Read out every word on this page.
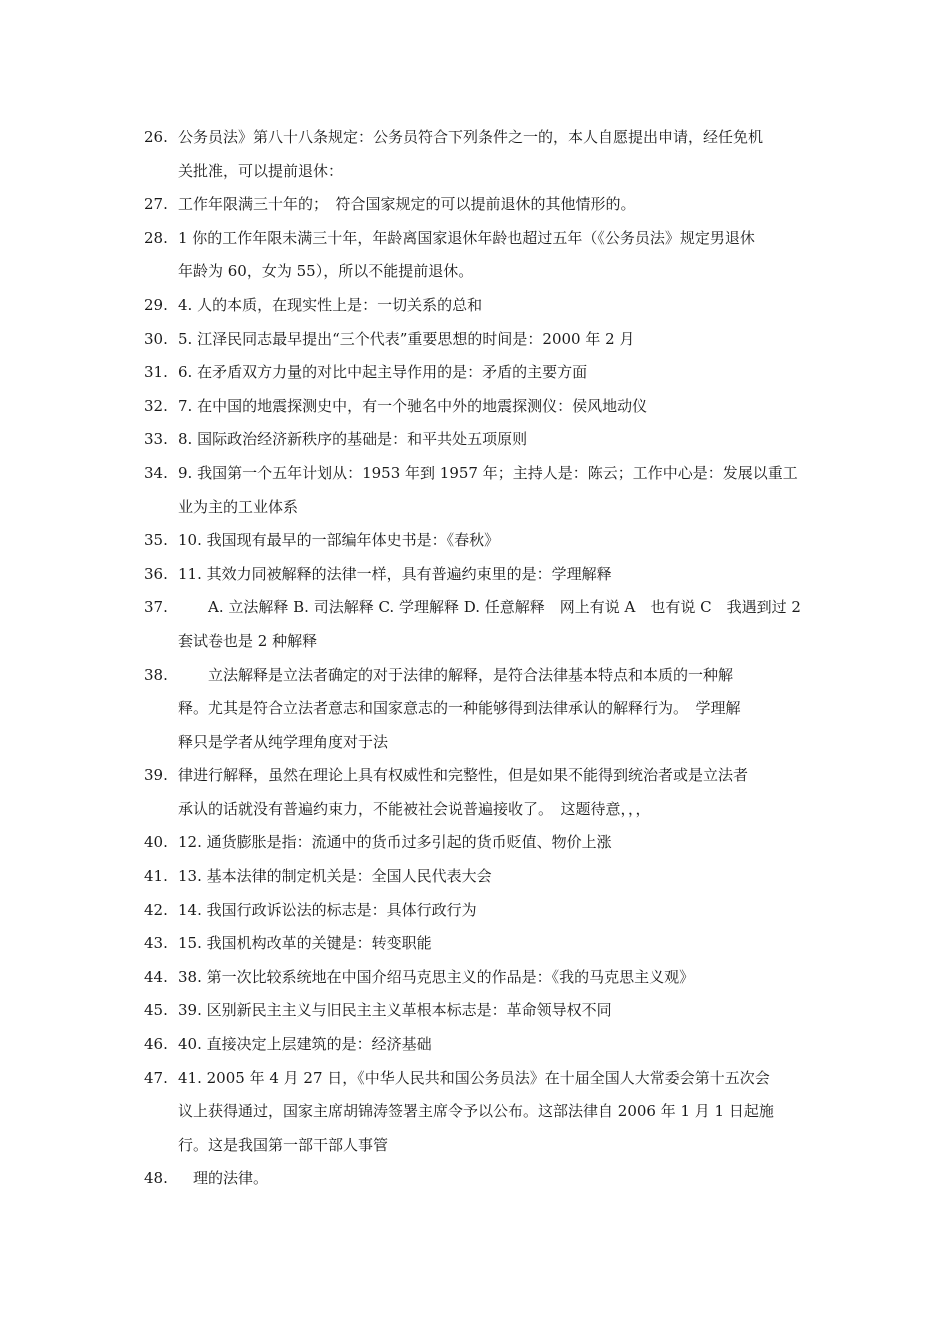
26. 公务员法》第八十八条规定：公务员符合下列条件之一的，本人自愿提出申请，经任免机
关批准，可以提前退休：
27. 工作年限满三十年的；　符合国家规定的可以提前退休的其他情形的。
28. 1 你的工作年限未满三十年，年龄离国家退休年龄也超过五年（《公务员法》规定男退休
年龄为 60，女为 55），所以不能提前退休。
29. 4. 人的本质，在现实性上是：一切关系的总和
30. 5. 江泽民同志最早提出“三个代表”重要思想的时间是：2000 年 2 月
31. 6. 在矛盾双方力量的对比中起主导作用的是：矛盾的主要方面
32. 7. 在中国的地震探测史中，有一个驰名中外的地震探测仪：侯风地动仪
33. 8. 国际政治经济新秩序的基础是：和平共处五项原则
34. 9. 我国第一个五年计划从：1953 年到 1957 年；主持人是：陈云；工作中心是：发展以重工
业为主的工业体系
35. 10. 我国现有最早的一部编年体史书是：《春秋》
36. 11. 其效力同被解释的法律一样，具有普遍约束里的是：学理解释
37. 　　A. 立法解释 B. 司法解释 C. 学理解释 D. 任意解释　网上有说 A　也有说 C　我遇到过 2
套试卷也是 2 种解释
38. 　　立法解释是立法者确定的对于法律的解释，是符合法律基本特点和本质的一种解
释。尤其是符合立法者意志和国家意志的一种能够得到法律承认的解释行为。　学理解
释只是学者从纯学理角度对于法
39. 律进行解释，虽然在理论上具有权威性和完整性，但是如果不能得到统治者或是立法者
承认的话就没有普遍约束力，不能被社会说普遍接收了。　这题待意，，，
40. 12. 通货膨胀是指：流通中的货币过多引起的货币贬值、物价上涨
41. 13. 基本法律的制定机关是：全国人民代表大会
42. 14. 我国行政诉讼法的标志是：具体行政行为
43. 15. 我国机构改革的关键是：转变职能
44. 38. 第一次比较系统地在中国介绍马克思主义的作品是：《我的马克思主义观》
45. 39. 区别新民主主义与旧民主主义革根本标志是：革命领导权不同
46. 40. 直接决定上层建筑的是：经济基础
47. 41. 2005 年 4 月 27 日，《中华人民共和国公务员法》在十届全国人大常委会第十五次会
议上获得通过，国家主席胡锦涛签署主席令予以公布。这部法律自 2006 年 1 月 1 日起施
行。这是我国第一部干部人事管
48. 　理的法律。
